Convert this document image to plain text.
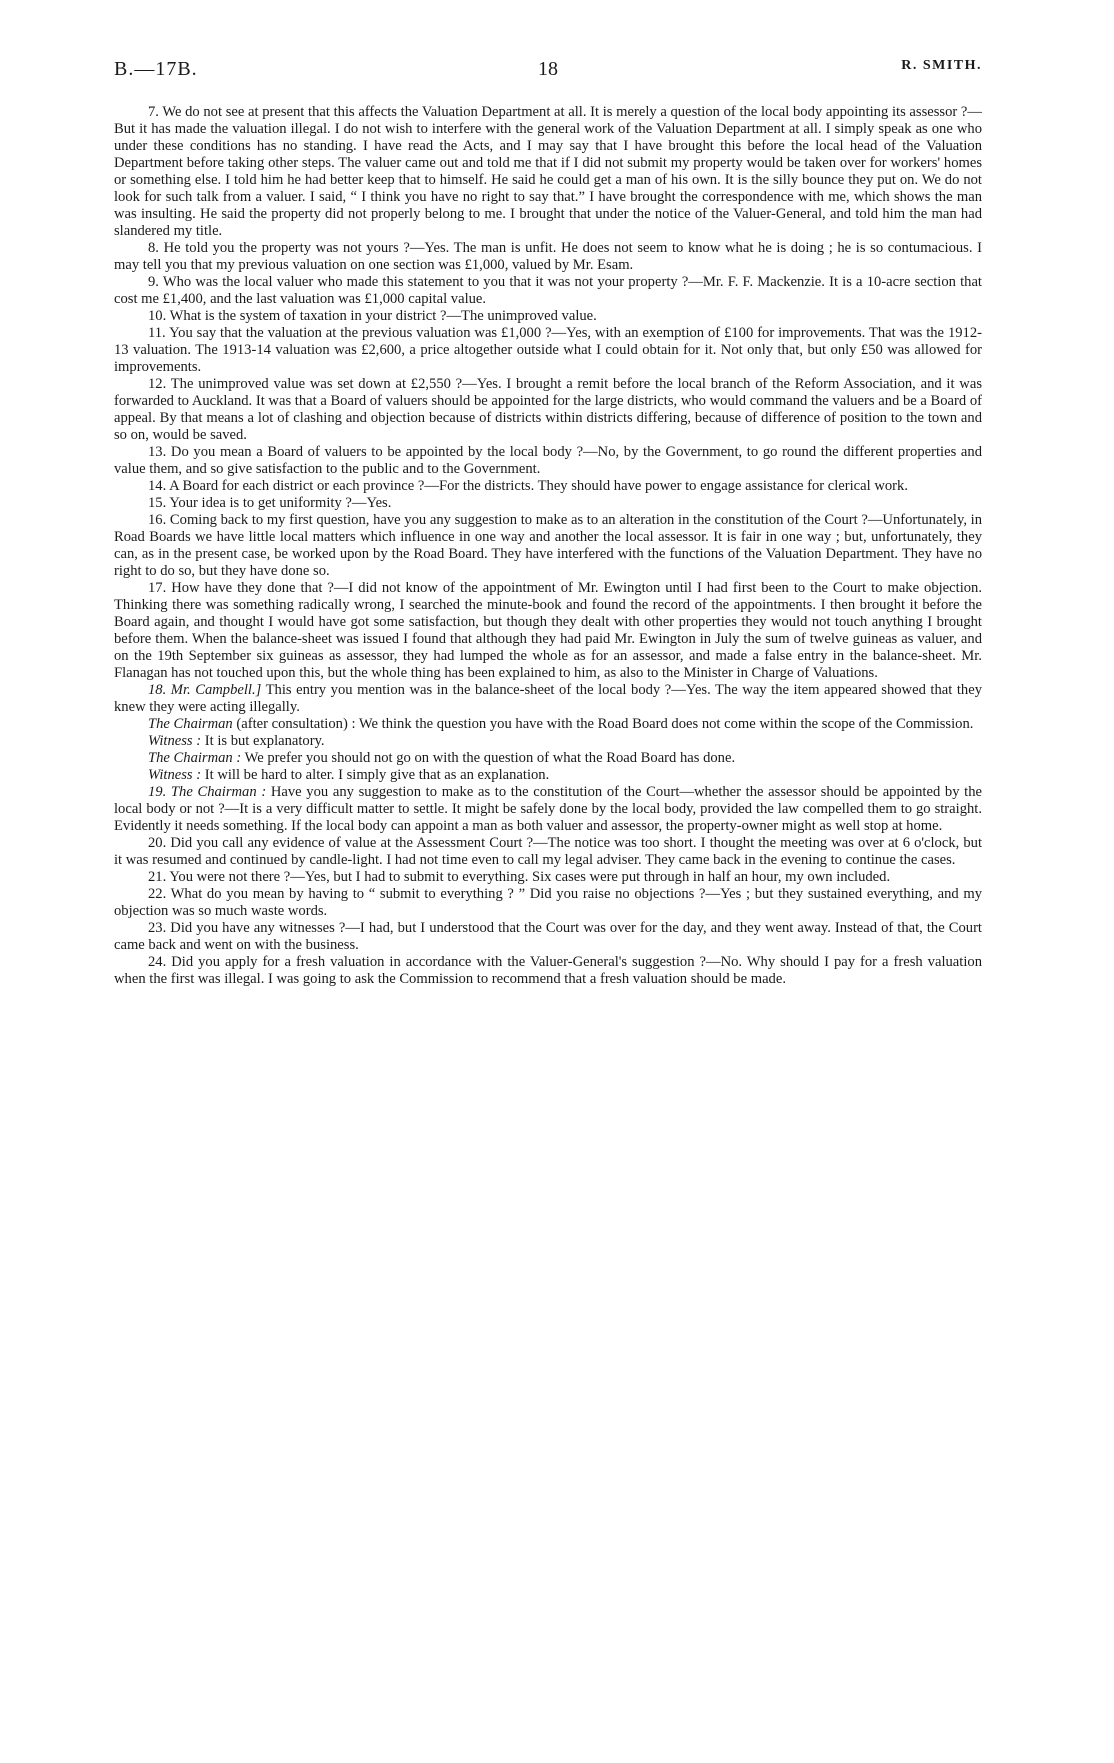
B.—17B.	18	R. SMITH.

7. We do not see at present that this affects the Valuation Department at all. It is merely a question of the local body appointing its assessor ?—But it has made the valuation illegal. I do not wish to interfere with the general work of the Valuation Department at all. I simply speak as one who under these conditions has no standing. I have read the Acts, and I may say that I have brought this before the local head of the Valuation Department before taking other steps. The valuer came out and told me that if I did not submit my property would be taken over for workers' homes or something else. I told him he had better keep that to himself. He said he could get a man of his own. It is the silly bounce they put on. We do not look for such talk from a valuer. I said, “ I think you have no right to say that.” I have brought the correspondence with me, which shows the man was insulting. He said the property did not properly belong to me. I brought that under the notice of the Valuer-General, and told him the man had slandered my title.

8. He told you the property was not yours ?—Yes. The man is unfit. He does not seem to know what he is doing ; he is so contumacious. I may tell you that my previous valuation on one section was £1,000, valued by Mr. Esam.

9. Who was the local valuer who made this statement to you that it was not your property ?—Mr. F. F. Mackenzie. It is a 10-acre section that cost me £1,400, and the last valuation was £1,000 capital value.

10. What is the system of taxation in your district ?—The unimproved value.

11. You say that the valuation at the previous valuation was £1,000 ?—Yes, with an exemption of £100 for improvements. That was the 1912-13 valuation. The 1913-14 valuation was £2,600, a price altogether outside what I could obtain for it. Not only that, but only £50 was allowed for improvements.

12. The unimproved value was set down at £2,550 ?—Yes. I brought a remit before the local branch of the Reform Association, and it was forwarded to Auckland. It was that a Board of valuers should be appointed for the large districts, who would command the valuers and be a Board of appeal. By that means a lot of clashing and objection because of districts within districts differing, because of difference of position to the town and so on, would be saved.

13. Do you mean a Board of valuers to be appointed by the local body ?—No, by the Government, to go round the different properties and value them, and so give satisfaction to the public and to the Government.

14. A Board for each district or each province ?—For the districts. They should have power to engage assistance for clerical work.

15. Your idea is to get uniformity ?—Yes.

16. Coming back to my first question, have you any suggestion to make as to an alteration in the constitution of the Court ?—Unfortunately, in Road Boards we have little local matters which influence in one way and another the local assessor. It is fair in one way ; but, unfortunately, they can, as in the present case, be worked upon by the Road Board. They have interfered with the functions of the Valuation Department. They have no right to do so, but they have done so.

17. How have they done that ?—I did not know of the appointment of Mr. Ewington until I had first been to the Court to make objection. Thinking there was something radically wrong, I searched the minute-book and found the record of the appointments. I then brought it before the Board again, and thought I would have got some satisfaction, but though they dealt with other properties they would not touch anything I brought before them. When the balance-sheet was issued I found that although they had paid Mr. Ewington in July the sum of twelve guineas as valuer, and on the 19th September six guineas as assessor, they had lumped the whole as for an assessor, and made a false entry in the balance-sheet. Mr. Flanagan has not touched upon this, but the whole thing has been explained to him, as also to the Minister in Charge of Valuations.

18. Mr. Campbell.] This entry you mention was in the balance-sheet of the local body ?—Yes. The way the item appeared showed that they knew they were acting illegally.

The Chairman (after consultation) : We think the question you have with the Road Board does not come within the scope of the Commission.

Witness : It is but explanatory.

The Chairman : We prefer you should not go on with the question of what the Road Board has done.

Witness : It will be hard to alter. I simply give that as an explanation.

19. The Chairman : Have you any suggestion to make as to the constitution of the Court—whether the assessor should be appointed by the local body or not ?—It is a very difficult matter to settle. It might be safely done by the local body, provided the law compelled them to go straight. Evidently it needs something. If the local body can appoint a man as both valuer and assessor, the property-owner might as well stop at home.

20. Did you call any evidence of value at the Assessment Court ?—The notice was too short. I thought the meeting was over at 6 o'clock, but it was resumed and continued by candle-light. I had not time even to call my legal adviser. They came back in the evening to continue the cases.

21. You were not there ?—Yes, but I had to submit to everything. Six cases were put through in half an hour, my own included.

22. What do you mean by having to “ submit to everything ? ” Did you raise no objections ?—Yes ; but they sustained everything, and my objection was so much waste words.

23. Did you have any witnesses ?—I had, but I understood that the Court was over for the day, and they went away. Instead of that, the Court came back and went on with the business.

24. Did you apply for a fresh valuation in accordance with the Valuer-General's suggestion ?—No. Why should I pay for a fresh valuation when the first was illegal. I was going to ask the Commission to recommend that a fresh valuation should be made.
